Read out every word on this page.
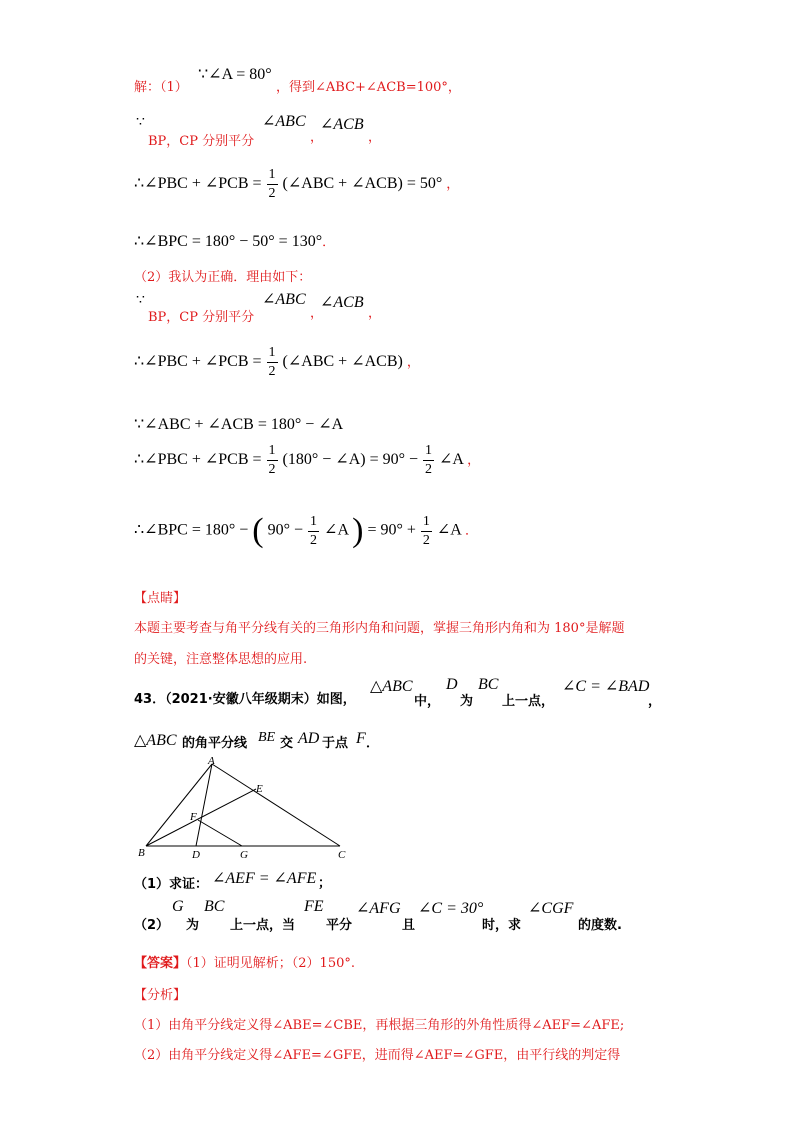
∵∠A = 80°
解：（1）	，得到∠ABC+∠ACB=100°，
∵
BP，CP 分别平分
∠ABC
，
∠ACB
，
∴∠PBC + ∠PCB = $\frac{1}{2}$ (∠ABC + ∠ACB) = 50° ，
∴∠BPC = 180° − 50° = 130°．
（2）我认为正确．理由如下：
∵
BP，CP 分别平分
∠ABC
，
∠ACB
，
∴∠PBC + ∠PCB = $\frac{1}{2}$ (∠ABC + ∠ACB) ，
∵∠ABC + ∠ACB = 180° − ∠A
∴∠PBC + ∠PCB = $\frac{1}{2} (180^\circ$ − ∠A) = $90^\circ - \frac{1}{2}$ ∠A ，
∴∠BPC = 180° − ( $90^\circ - \frac{1}{2}$ ∠A ) = $90^\circ + \frac{1}{2}$ ∠A ．
【点睛】
本题主要考查与角平分线有关的三角形内角和问题，掌握三角形内角和为 180°是解题
的关键，注意整体思想的应用.
43．（2021·安徽八年级期末）如图，
△ABC
中，
D
为
BC
上一点，
∠C = ∠BAD
，
△ABC 的角平分线 BE 交 AD 于点 F ．
A
E
F
B	D	G	C
（1）求证： ∠AEF = ∠AFE ；
（2）
G
为
BC
上一点，当
FE
平分
∠AFG
且
∠C = 30°
时，求
∠CGF
的度数.
【答案】（1）证明见解析；（2）150°.
【分析】
（1）由角平分线定义得∠ABE=∠CBE，再根据三角形的外角性质得∠AEF=∠AFE;
（2）由角平分线定义得∠AFE=∠GFE，进而得∠AEF=∠GFE，由平行线的判定得
